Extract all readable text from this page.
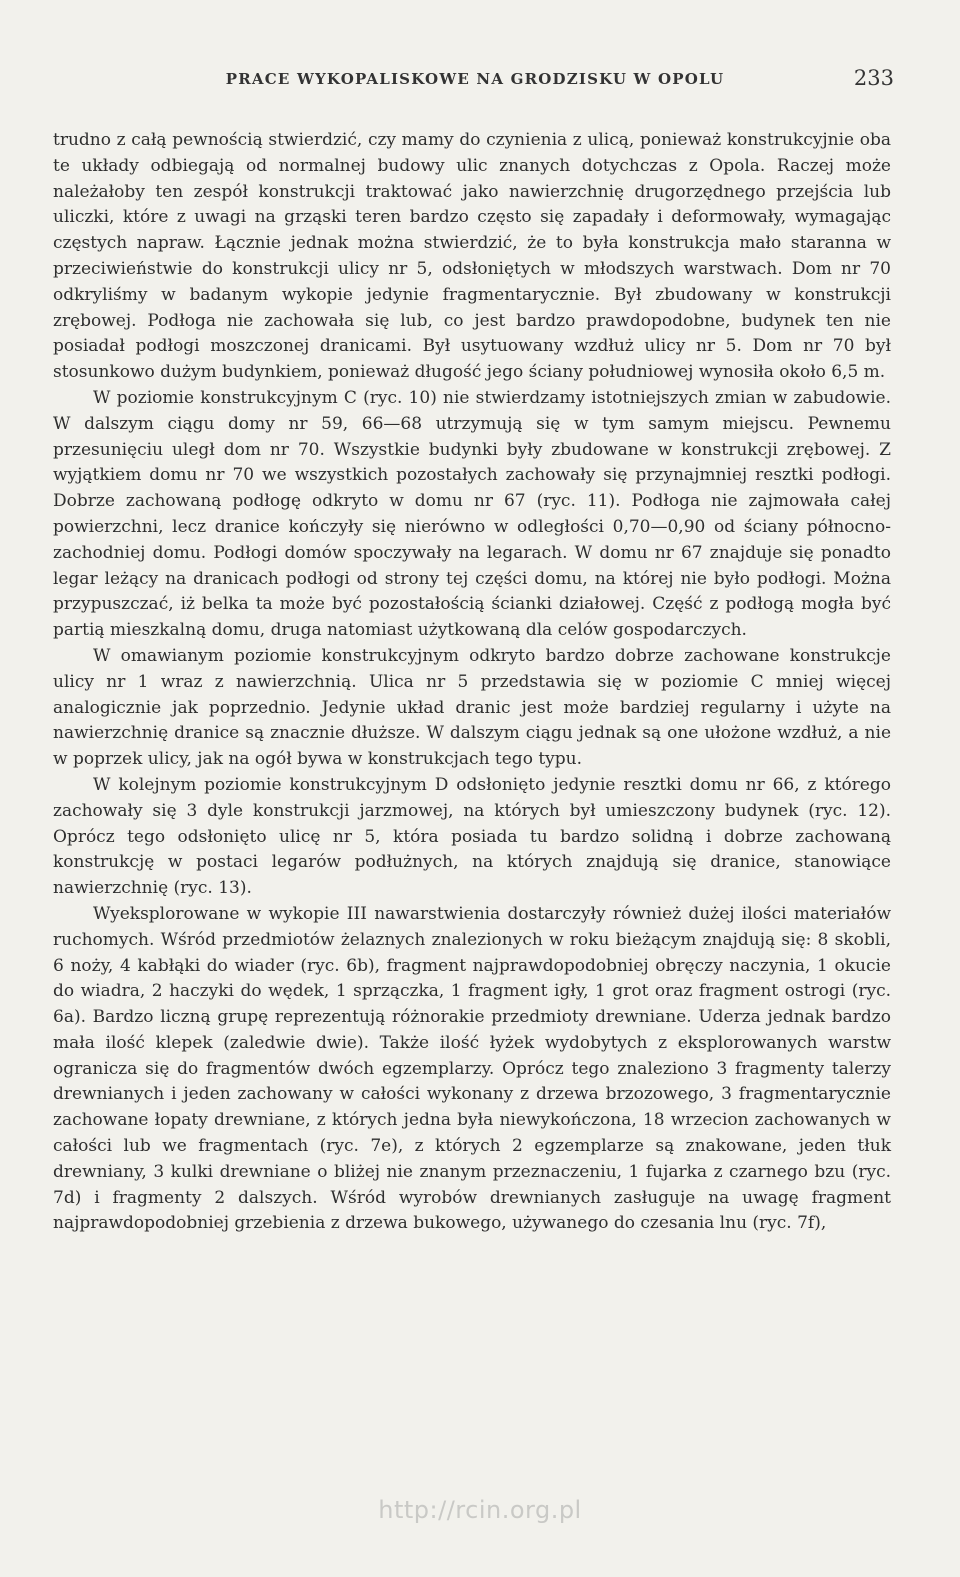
PRACE WYKOPALISKOWE NA GRODZISKU W OPOLU	233

trudno z całą pewnością stwierdzić, czy mamy do czynienia z ulicą, ponieważ konstrukcyjnie oba te układy odbiegają od normalnej budowy ulic znanych dotychczas z Opola. Raczej może należałoby ten zespół konstrukcji traktować jako nawierzchnię drugorzędnego przejścia lub uliczki, które z uwagi na grząski teren bardzo często się zapadały i deformowały, wymagając częstych napraw. Łącznie jednak można stwierdzić, że to była konstrukcja mało staranna w przeciwieństwie do konstrukcji ulicy nr 5, odsłoniętych w młodszych warstwach. Dom nr 70 odkryliśmy w badanym wykopie jedynie fragmentarycznie. Był zbudowany w konstrukcji zrębowej. Podłoga nie zachowała się lub, co jest bardzo prawdopodobne, budynek ten nie posiadał podłogi moszczonej dranicami. Był usytuowany wzdłuż ulicy nr 5. Dom nr 70 był stosunkowo dużym budynkiem, ponieważ długość jego ściany południowej wynosiła około 6,5 m.

W poziomie konstrukcyjnym C (ryc. 10) nie stwierdzamy istotniejszych zmian w zabudowie. W dalszym ciągu domy nr 59, 66—68 utrzymują się w tym samym miejscu. Pewnemu przesunięciu uległ dom nr 70. Wszystkie budynki były zbudowane w konstrukcji zrębowej. Z wyjątkiem domu nr 70 we wszystkich pozostałych zachowały się przynajmniej resztki podłogi. Dobrze zachowaną podłogę odkryto w domu nr 67 (ryc. 11). Podłoga nie zajmowała całej powierzchni, lecz dranice kończyły się nierówno w odległości 0,70—0,90 od ściany północno-zachodniej domu. Podłogi domów spoczywały na legarach. W domu nr 67 znajduje się ponadto legar leżący na dranicach podłogi od strony tej części domu, na której nie było podłogi. Można przypuszczać, iż belka ta może być pozostałością ścianki działowej. Część z podłogą mogła być partią mieszkalną domu, druga natomiast użytkowaną dla celów gospodarczych.

W omawianym poziomie konstrukcyjnym odkryto bardzo dobrze zachowane konstrukcje ulicy nr 1 wraz z nawierzchnią. Ulica nr 5 przedstawia się w poziomie C mniej więcej analogicznie jak poprzednio. Jedynie układ dranic jest może bardziej regularny i użyte na nawierzchnię dranice są znacznie dłuższe. W dalszym ciągu jednak są one ułożone wzdłuż, a nie w poprzek ulicy, jak na ogół bywa w konstrukcjach tego typu.

W kolejnym poziomie konstrukcyjnym D odsłonięto jedynie resztki domu nr 66, z którego zachowały się 3 dyle konstrukcji jarzmowej, na których był umieszczony budynek (ryc. 12). Oprócz tego odsłonięto ulicę nr 5, która posiada tu bardzo solidną i dobrze zachowaną konstrukcję w postaci legarów podłużnych, na których znajdują się dranice, stanowiące nawierzchnię (ryc. 13).

Wyeksplorowane w wykopie III nawarstwienia dostarczyły również dużej ilości materiałów ruchomych. Wśród przedmiotów żelaznych znalezionych w roku bieżącym znajdują się: 8 skobli, 6 noży, 4 kabłąki do wiader (ryc. 6b), fragment najprawdopodobniej obręczy naczynia, 1 okucie do wiadra, 2 haczyki do wędek, 1 sprzączka, 1 fragment igły, 1 grot oraz fragment ostrogi (ryc. 6a). Bardzo liczną grupę reprezentują różnorakie przedmioty drewniane. Uderza jednak bardzo mała ilość klepek (zaledwie dwie). Także ilość łyżek wydobytych z eksplorowanych warstw ogranicza się do fragmentów dwóch egzemplarzy. Oprócz tego znaleziono 3 fragmenty talerzy drewnianych i jeden zachowany w całości wykonany z drzewa brzozowego, 3 fragmentarycznie zachowane łopaty drewniane, z których jedna była niewykończona, 18 wrzecion zachowanych w całości lub we fragmentach (ryc. 7e), z których 2 egzemplarze są znakowane, jeden tłuk drewniany, 3 kulki drewniane o bliżej nie znanym przeznaczeniu, 1 fujarka z czarnego bzu (ryc. 7d) i fragmenty 2 dalszych. Wśród wyrobów drewnianych zasługuje na uwagę fragment najprawdopodobniej grzebienia z drzewa bukowego, używanego do czesania lnu (ryc. 7f),

http://rcin.org.pl
